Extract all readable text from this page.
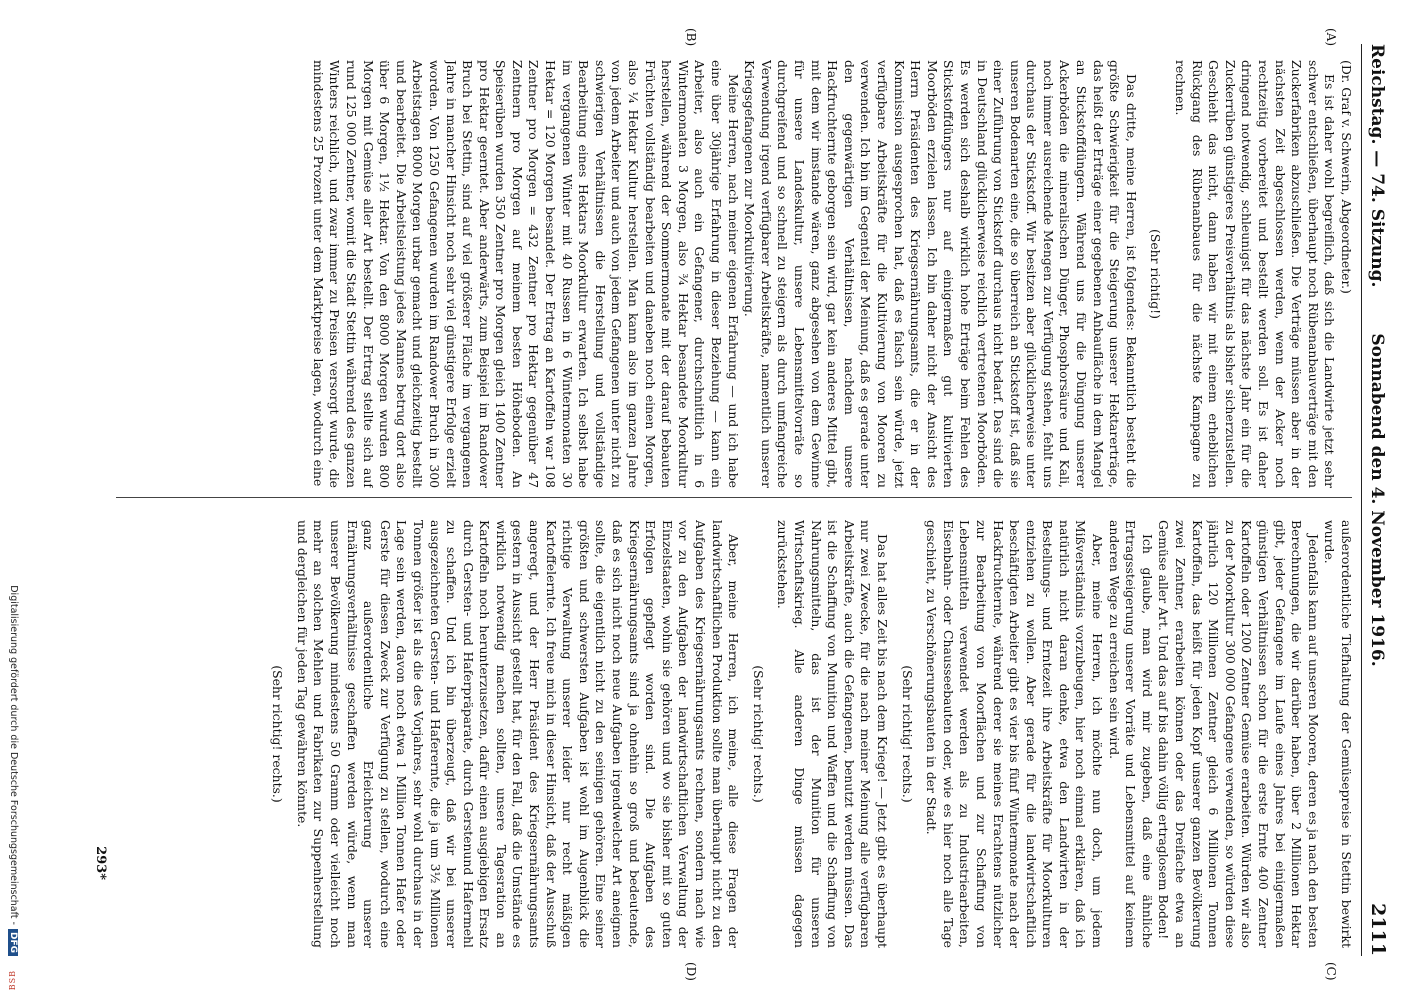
Reichstag. — 74. Sitzung.
Sonnabend den 4. November 1916.
2111
(A)
(B)
(C)
(D)

(Dr. Graf v. Schwerin, Abgeordneter.)

Es ist daher wohl begreiflich, daß sich die Landwirte jetzt sehr schwer entschließen, überhaupt noch Rübenanbauverträge mit den Zuckerfabriken abzuschließen. Die Verträge müssen aber in der nächsten Zeit abgeschlossen werden, wenn der Acker noch rechtzeitig vorbereitet und bestellt werden soll. Es ist daher dringend notwendig, schleunigst für das nächste Jahr ein für die Zuckerrüben günstigeres Preisverhältnis als bisher sicherzustellen. Geschieht das nicht, dann haben wir mit einem erheblichen Rückgang des Rübenanbaues für die nächste Kampagne zu rechnen.

(Sehr richtig!)

Das dritte, meine Herren, ist folgendes: Bekanntlich besteht die größte Schwierigkeit für die Steigerung unserer Hektarerträge, das heißt der Erträge einer gegebenen Anbaufläche in dem Mangel an Stickstoffdüngern. Während uns für die Düngung unserer Ackerböden die mineralischen Dünger, Phosphorsäure und Kali, noch immer ausreichende Mengen zur Verfügung stehen, fehlt uns durchaus der Stickstoff. Wir besitzen aber glücklicherweise unter unseren Bodenarten eine, die so überreich an Stickstoff ist, daß sie einer Zuführung von Stickstoff durchaus nicht bedarf. Das sind die in Deutschland glücklicherweise reichlich vertretenen Moorböden. Es werden sich deshalb wirklich hohe Erträge beim Fehlen des Stickstoffdüngers nur auf einigermaßen gut kultivierten Moorböden erzielen lassen. Ich bin daher nicht der Ansicht des Herrn Präsidenten des Kriegsernährungsamts, die er in der Kommission ausgesprochen hat, daß es falsch sein würde, jetzt verfügbare Arbeitskräfte für die Kultivierung von Mooren zu verwenden. Ich bin im Gegenteil der Meinung, daß es gerade unter den gegenwärtigen Verhältnissen, nachdem unsere Hackfruchternte geborgen sein wird, gar kein anderes Mittel gibt, mit dem wir imstande wären, ganz abgesehen von dem Gewinne für unsere Landeskultur, unsere Lebensmittelvorräte so durchgreifend und so schnell zu steigern als durch umfangreiche Verwendung irgend verfügbarer Arbeitskräfte, namentlich unserer Kriegsgefangenen zur Moorkultivierung.

Meine Herren, nach meiner eigenen Erfahrung — und ich habe eine über 30jährige Erfahrung in dieser Beziehung — kann ein Arbeiter, also auch ein Gefangener, durchschnittlich in 6 Wintermonaten 3 Morgen, also ¾ Hektar besandete Moorkultur herstellen, während der Sommermonate mit der darauf bebauten Früchten vollständig bearbeiten und daneben noch einen Morgen, also ¼ Hektar Kultur herstellen. Man kann also im ganzen Jahre von jedem Arbeiter und auch von jedem Gefangenen unter nicht zu schwierigen Verhältnissen die Herstellung und vollständige Bearbeitung eines Hektars Moorkultur erwarten. Ich selbst habe im vergangenen Winter mit 40 Russen in 6 Wintermonaten 30 Hektar = 120 Morgen besandet. Der Ertrag an Kartoffeln war 108 Zentner pro Morgen = 432 Zentner pro Hektar gegenüber 47 Zentnern pro Morgen auf meinem besten Höheboden. An Speiserüben wurden 350 Zentner pro Morgen gleich 1400 Zentner pro Hektar geerntet. Aber anderwärts, zum Beispiel im Randower Bruch bei Stettin, sind auf viel größerer Fläche im vergangenen Jahre in mancher Hinsicht noch sehr viel günstigere Erfolge erzielt worden. Von 1250 Gefangenen wurden im Randower Bruch in 300 Arbeitstagen 8000 Morgen urbar gemacht und gleichzeitig bestellt und bearbeitet. Die Arbeitsleistung jedes Mannes betrug dort also über 6 Morgen, 1½ Hektar. Von den 8000 Morgen wurden 800 Morgen mit Gemüse aller Art bestellt. Der Ertrag stellte sich auf rund 125 000 Zentner, womit die Stadt Stettin während des ganzen Winters reichlich, und zwar immer zu Preisen versorgt wurde, die mindestens 25 Prozent unter dem Marktpreise lagen, wodurch eine

außerordentliche Tiefhaltung der Gemüsepreise in Stettin bewirkt wurde.

Jedenfalls kann auf unseren Mooren, deren es ja nach den besten Berechnungen, die wir darüber haben, über 2 Millionen Hektar gibt, jeder Gefangene im Laufe eines Jahres bei einigermaßen günstigen Verhältnissen schon für die erste Ernte 400 Zentner Kartoffeln oder 1200 Zentner Gemüse erarbeiten. Würden wir also zu der Moorkultur 300 000 Gefangene verwenden, so würden diese jährlich 120 Millionen Zentner gleich 6 Millionen Tonnen Kartoffeln, das heißt für jeden Kopf unserer ganzen Bevölkerung zwei Zentner, erarbeiten können oder das Dreifache etwa an Gemüse aller Art. Und das auf bis dahin völlig ertraglosem Boden!

Ich glaube, man wird mir zugeben, daß eine ähnliche Ertragssteigerung unserer Vorräte und Lebensmittel auf keinem anderen Wege zu erreichen sein wird.

Aber, meine Herren, ich möchte nun doch, um jedem Mißverständnis vorzubeugen, hier noch einmal erklären, daß ich natürlich nicht daran denke, etwa den Landwirten in der Bestellungs- und Erntezeit ihre Arbeitskräfte für Moorkulturen entziehen zu wollen. Aber gerade für die landwirtschaftlich beschäftigten Arbeiter gibt es vier bis fünf Wintermonate nach der Hackfruchternte, während derer sie meines Erachtens nützlicher zur Bearbeitung von Moorflächen und zur Schaffung von Lebensmitteln verwendet werden als zu Industriearbeiten, Eisenbahn- oder Chausseebauten oder, wie es hier noch alle Tage geschieht, zu Verschönerungsbauten in der Stadt.

(Sehr richtig! rechts.)

Das hat alles Zeit bis nach dem Kriege! — Jetzt gibt es überhaupt nur zwei Zwecke, für die nach meiner Meinung alle verfügbaren Arbeitskräfte, auch die Gefangenen, benutzt werden müssen. Das ist die Schaffung von Munition und Waffen und die Schaffung von Nahrungsmitteln, das ist der Munition für unseren Wirtschaftskrieg. Alle anderen Dinge müssen dagegen zurückstehen.

(Sehr richtig! rechts.)

Aber, meine Herren, ich meine, alle diese Fragen der landwirtschaftlichen Produktion sollte man überhaupt nicht zu den Aufgaben des Kriegsernährungsamts rechnen, sondern nach wie vor zu den Aufgaben der landwirtschaftlichen Verwaltung der Einzelstaaten, wohin sie gehören und wo sie bisher mit so guten Erfolgen gepflegt worden sind. Die Aufgaben des Kriegsernährungsamts sind ja ohnehin so groß und bedeutende, daß es sich nicht noch neue Aufgaben irgendwelcher Art aneignen sollte, die eigentlich nicht zu den seinigen gehören. Eine seiner größten und schwersten Aufgaben ist wohl im Augenblick die richtige Verwaltung unserer leider nur recht mäßigen Kartoffelernte. Ich freue mich in dieser Hinsicht, daß der Ausschuß angeregt, und der Herr Präsident des Kriegsernährungsamts gestern in Aussicht gestellt hat, für den Fall, daß die Umstände es wirklich notwendig machen sollten, unsere Tagesration an Kartoffeln noch herunterzusetzen, dafür einen ausgiebigen Ersatz durch Gersten- und Haferpräparate, durch Gerstenund Hafermehl zu schaffen. Und ich bin überzeugt, daß wir bei unserer ausgezeichneten Gersten- und Haferernte, die ja um 3½ Millionen Tonnen größer ist als die des Vorjahres, sehr wohl durchaus in der Lage sein werden, davon noch etwa 1 Million Tonnen Hafer oder Gerste für diesen Zweck zur Verfügung zu stellen, wodurch eine ganz außerordentliche Erleichterung unserer Ernährungsverhältnisse geschaffen werden würde, wenn man unserer Bevölkerung mindestens 50 Gramm oder vielleicht noch mehr an solchen Mehlen und Fabrikaten zur Suppenherstellung und dergleichen für jeden Tag gewähren könnte.

(Sehr richtig! rechts.)

293*
Digitalisierung gefördert durch die Deutsche Forschungsgemeinschaft -DFG
BSB
